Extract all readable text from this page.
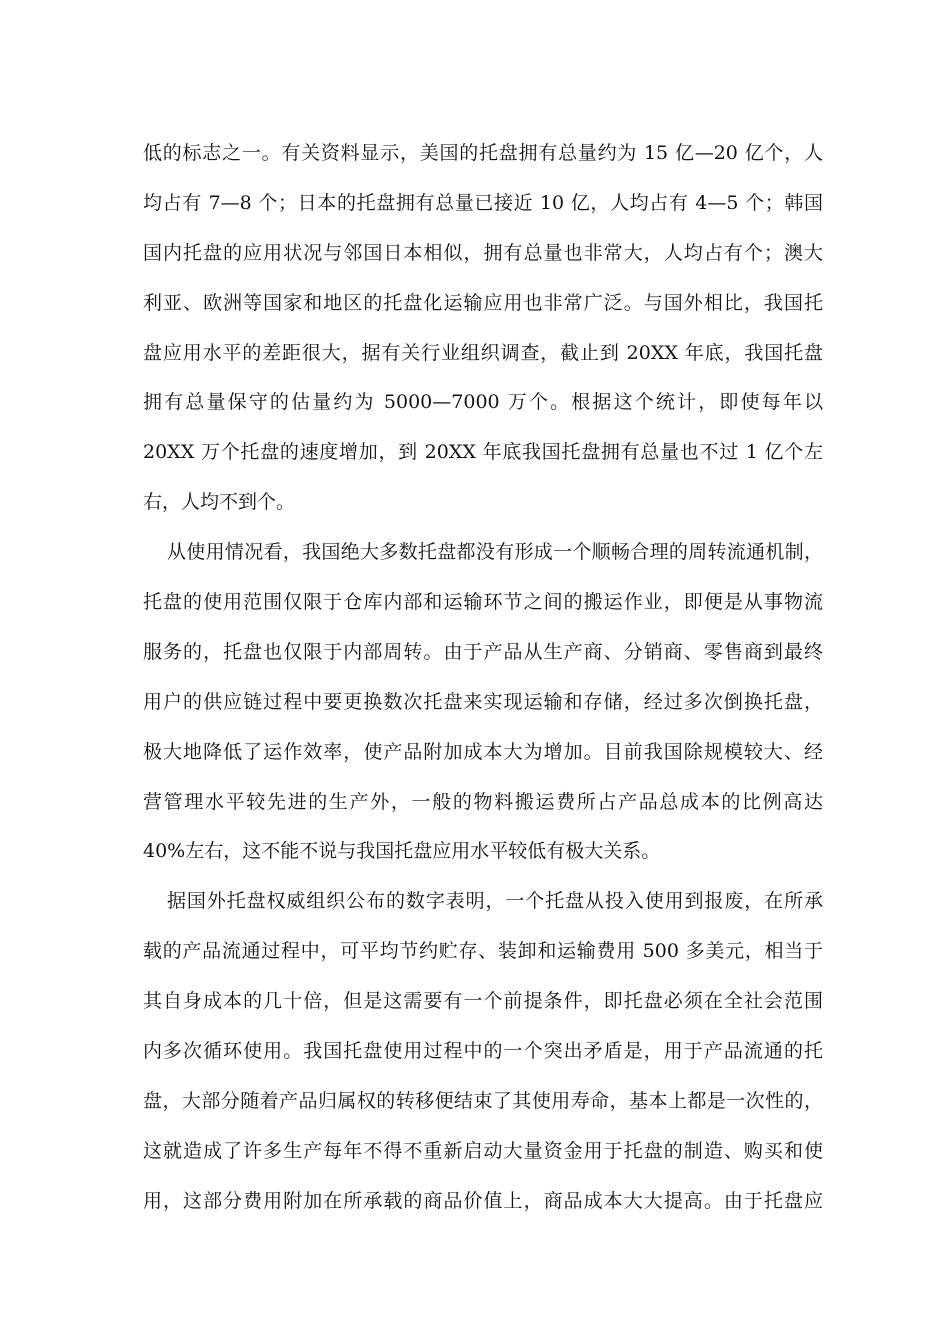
低的标志之一。有关资料显示，美国的托盘拥有总量约为 15 亿—20 亿个，人
均占有 7—8 个；日本的托盘拥有总量已接近 10 亿，人均占有 4—5 个；韩国
国内托盘的应用状况与邻国日本相似，拥有总量也非常大，人均占有个；澳大
利亚、欧洲等国家和地区的托盘化运输应用也非常广泛。与国外相比，我国托
盘应用水平的差距很大，据有关行业组织调查，截止到 20XX 年底，我国托盘
拥有总量保守的估量约为 5000—7000 万个。根据这个统计，即使每年以
20XX 万个托盘的速度增加，到 20XX 年底我国托盘拥有总量也不过 1 亿个左
右，人均不到个。
从使用情况看，我国绝大多数托盘都没有形成一个顺畅合理的周转流通机制，
托盘的使用范围仅限于仓库内部和运输环节之间的搬运作业，即便是从事物流
服务的，托盘也仅限于内部周转。由于产品从生产商、分销商、零售商到最终
用户的供应链过程中要更换数次托盘来实现运输和存储，经过多次倒换托盘，
极大地降低了运作效率，使产品附加成本大为增加。目前我国除规模较大、经
营管理水平较先进的生产外，一般的物料搬运费所占产品总成本的比例高达
40%左右，这不能不说与我国托盘应用水平较低有极大关系。
据国外托盘权威组织公布的数字表明，一个托盘从投入使用到报废，在所承
载的产品流通过程中，可平均节约贮存、装卸和运输费用 500 多美元，相当于
其自身成本的几十倍，但是这需要有一个前提条件，即托盘必须在全社会范围
内多次循环使用。我国托盘使用过程中的一个突出矛盾是，用于产品流通的托
盘，大部分随着产品归属权的转移便结束了其使用寿命，基本上都是一次性的，
这就造成了许多生产每年不得不重新启动大量资金用于托盘的制造、购买和使
用，这部分费用附加在所承载的商品价值上，商品成本大大提高。由于托盘应
